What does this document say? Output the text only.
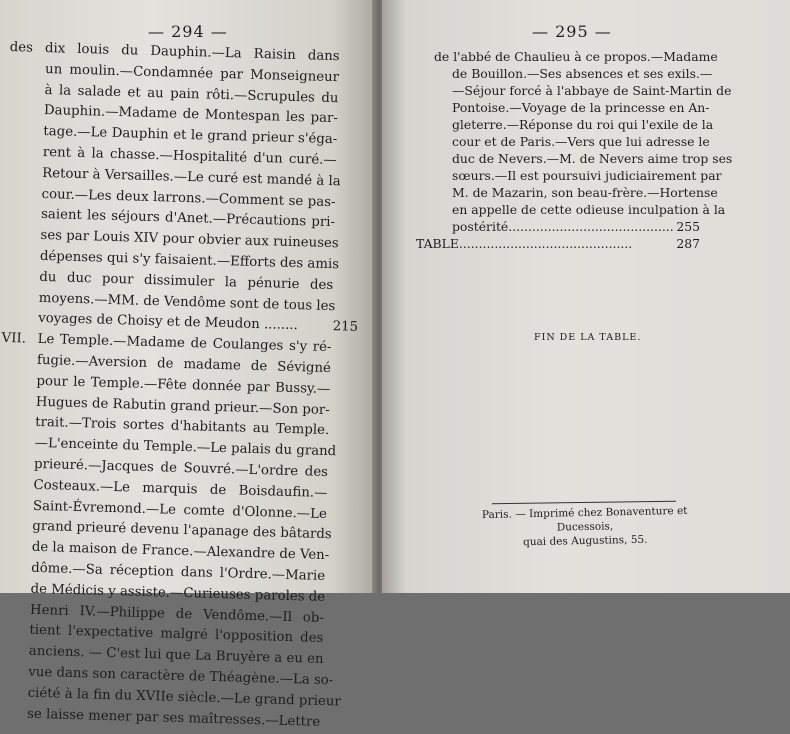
— 294 —
des dix louis du Dauphin.—La Raisin dans
un moulin.—Condamnée par Monseigneur
à la salade et au pain rôti.—Scrupules du
Dauphin.—Madame de Montespan les par-
tage.—Le Dauphin et le grand prieur s'éga-
rent à la chasse.—Hospitalité d'un curé.—
Retour à Versailles.—Le curé est mandé à la
cour.—Les deux larrons.—Comment se pas-
saient les séjours d'Anet.—Précautions pri-
ses par Louis XIV pour obvier aux ruineuses
dépenses qui s'y faisaient.—Efforts des amis
du duc pour dissimuler la pénurie des
moyens.—MM. de Vendôme sont de tous les
voyages de Choisy et de Meudon ........	215
VII. Le Temple.—Madame de Coulanges s'y ré-
fugie.—Aversion de madame de Sévigné
pour le Temple.—Fête donnée par Bussy.—
Hugues de Rabutin grand prieur.—Son por-
trait.—Trois sortes d'habitants au Temple.
—L'enceinte du Temple.—Le palais du grand
prieuré.—Jacques de Souvré.—L'ordre des
Costeaux.—Le marquis de Boisdaufin.—
Saint-Évremond.—Le comte d'Olonne.—Le
grand prieuré devenu l'apanage des bâtards
de la maison de France.—Alexandre de Ven-
dôme.—Sa réception dans l'Ordre.—Marie
de Médicis y assiste.—Curieuses paroles de
Henri IV.—Philippe de Vendôme.—Il ob-
tient l'expectative malgré l'opposition des
anciens. — C'est lui que La Bruyère a eu en
vue dans son caractère de Théagène.—La so-
ciété à la fin du XVIIe siècle.—Le grand prieur
se laisse mener par ses maîtresses.—Lettre
— 295 —
de l'abbé de Chaulieu à ce propos.—Madame
de Bouillon.—Ses absences et ses exils.—
—Séjour forcé à l'abbaye de Saint-Martin de
Pontoise.—Voyage de la princesse en An-
gleterre.—Réponse du roi qui l'exile de la
cour et de Paris.—Vers que lui adresse le
duc de Nevers.—M. de Nevers aime trop ses
sœurs.—Il est poursuivi judiciairement par
M. de Mazarin, son beau-frère.—Hortense
en appelle de cette odieuse inculpation à la
postérité.......................................... 255
TABLE............................................	287
FIN DE LA TABLE.
Paris. — Imprimé chez Bonaventure et Ducessois,
quai des Augustins, 55.
